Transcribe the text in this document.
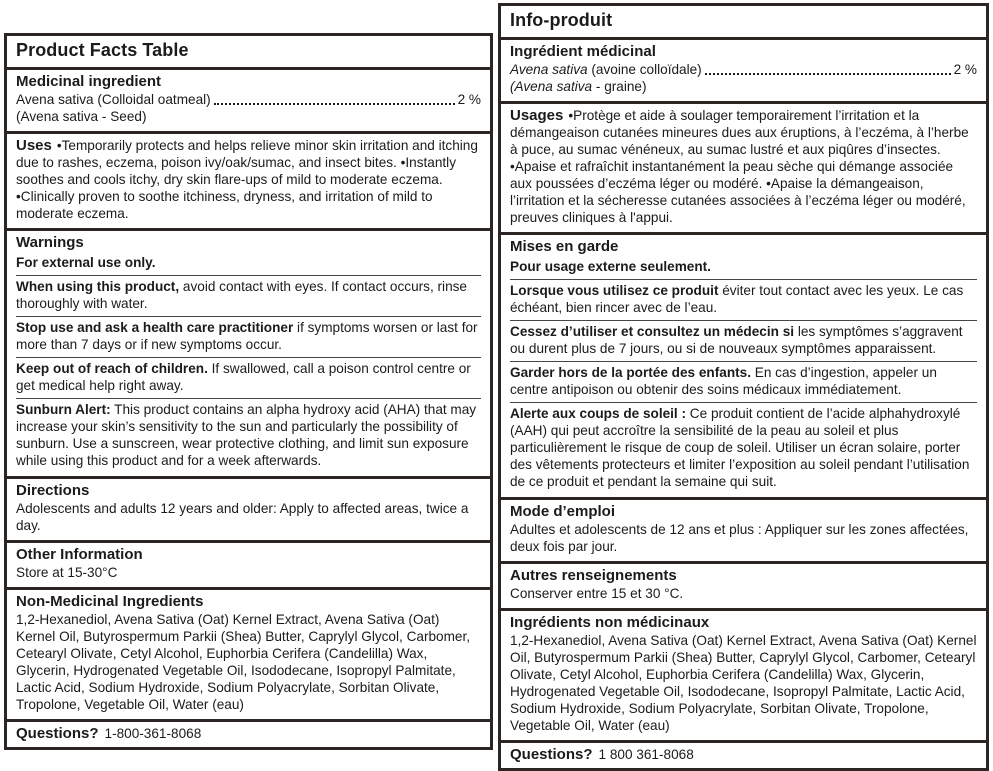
Product Facts Table
Medicinal ingredient
Avena sativa (Colloidal oatmeal)	2 %
(Avena sativa - Seed)

Uses •Temporarily protects and helps relieve minor skin irritation and itching due to rashes, eczema, poison ivy/oak/sumac, and insect bites. •Instantly soothes and cools itchy, dry skin flare-ups of mild to moderate eczema. •Clinically proven to soothe itchiness, dryness, and irritation of mild to moderate eczema.

Warnings
For external use only.
When using this product, avoid contact with eyes. If contact occurs, rinse thoroughly with water.
Stop use and ask a health care practitioner if symptoms worsen or last for more than 7 days or if new symptoms occur.
Keep out of reach of children. If swallowed, call a poison control centre or get medical help right away.
Sunburn Alert: This product contains an alpha hydroxy acid (AHA) that may increase your skin’s sensitivity to the sun and particularly the possibility of sunburn. Use a sunscreen, wear protective clothing, and limit sun exposure while using this product and for a week afterwards.
Directions

Adolescents and adults 12 years and older: Apply to affected areas, twice a day.

Other Information

Store at 15-30°C

Non-Medicinal Ingredients

1,2-Hexanediol, Avena Sativa (Oat) Kernel Extract, Avena Sativa (Oat) Kernel Oil, Butyrospermum Parkii (Shea) Butter, Caprylyl Glycol, Carbomer, Cetearyl Olivate, Cetyl Alcohol, Euphorbia Cerifera (Candelilla) Wax, Glycerin, Hydrogenated Vegetable Oil, Isododecane, Isopropyl Palmitate, Lactic Acid, Sodium Hydroxide, Sodium Polyacrylate, Sorbitan Olivate, Tropolone, Vegetable Oil, Water (eau)

Questions? 1-800-361-8068
Info-produit
Ingrédient médicinal
Avena sativa (avoine colloïdale)	2 %
(Avena sativa - graine)

Usages •Protège et aide à soulager temporairement l’irritation et la démangeaison cutanées mineures dues aux éruptions, à l’eczéma, à l’herbe à puce, au sumac vénéneux, au sumac lustré et aux piqûres d’insectes. •Apaise et rafraîchit instantanément la peau sèche qui démange associée aux poussées d’eczéma léger ou modéré. •Apaise la démangeaison, l’irritation et la sécheresse cutanées associées à l’eczéma léger ou modéré, preuves cliniques à l'appui.

Mises en garde
Pour usage externe seulement.
Lorsque vous utilisez ce produit éviter tout contact avec les yeux. Le cas échéant, bien rincer avec de l’eau.
Cessez d’utiliser et consultez un médecin si les symptômes s’aggravent ou durent plus de 7 jours, ou si de nouveaux symptômes apparaissent.
Garder hors de la portée des enfants. En cas d’ingestion, appeler un centre antipoison ou obtenir des soins médicaux immédiatement.
Alerte aux coups de soleil : Ce produit contient de l’acide alphahydroxylé (AAH) qui peut accroître la sensibilité de la peau au soleil et plus particulièrement le risque de coup de soleil. Utiliser un écran solaire, porter des vêtements protecteurs et limiter l’exposition au soleil pendant l’utilisation de ce produit et pendant la semaine qui suit.
Mode d’emploi

Adultes et adolescents de 12 ans et plus : Appliquer sur les zones affectées, deux fois par jour.

Autres renseignements

Conserver entre 15 et 30 °C.

Ingrédients non médicinaux

1,2-Hexanediol, Avena Sativa (Oat) Kernel Extract, Avena Sativa (Oat) Kernel Oil, Butyrospermum Parkii (Shea) Butter, Caprylyl Glycol, Carbomer, Cetearyl Olivate, Cetyl Alcohol, Euphorbia Cerifera (Candelilla) Wax, Glycerin, Hydrogenated Vegetable Oil, Isododecane, Isopropyl Palmitate, Lactic Acid, Sodium Hydroxide, Sodium Polyacrylate, Sorbitan Olivate, Tropolone, Vegetable Oil, Water (eau)

Questions? 1 800 361-8068
